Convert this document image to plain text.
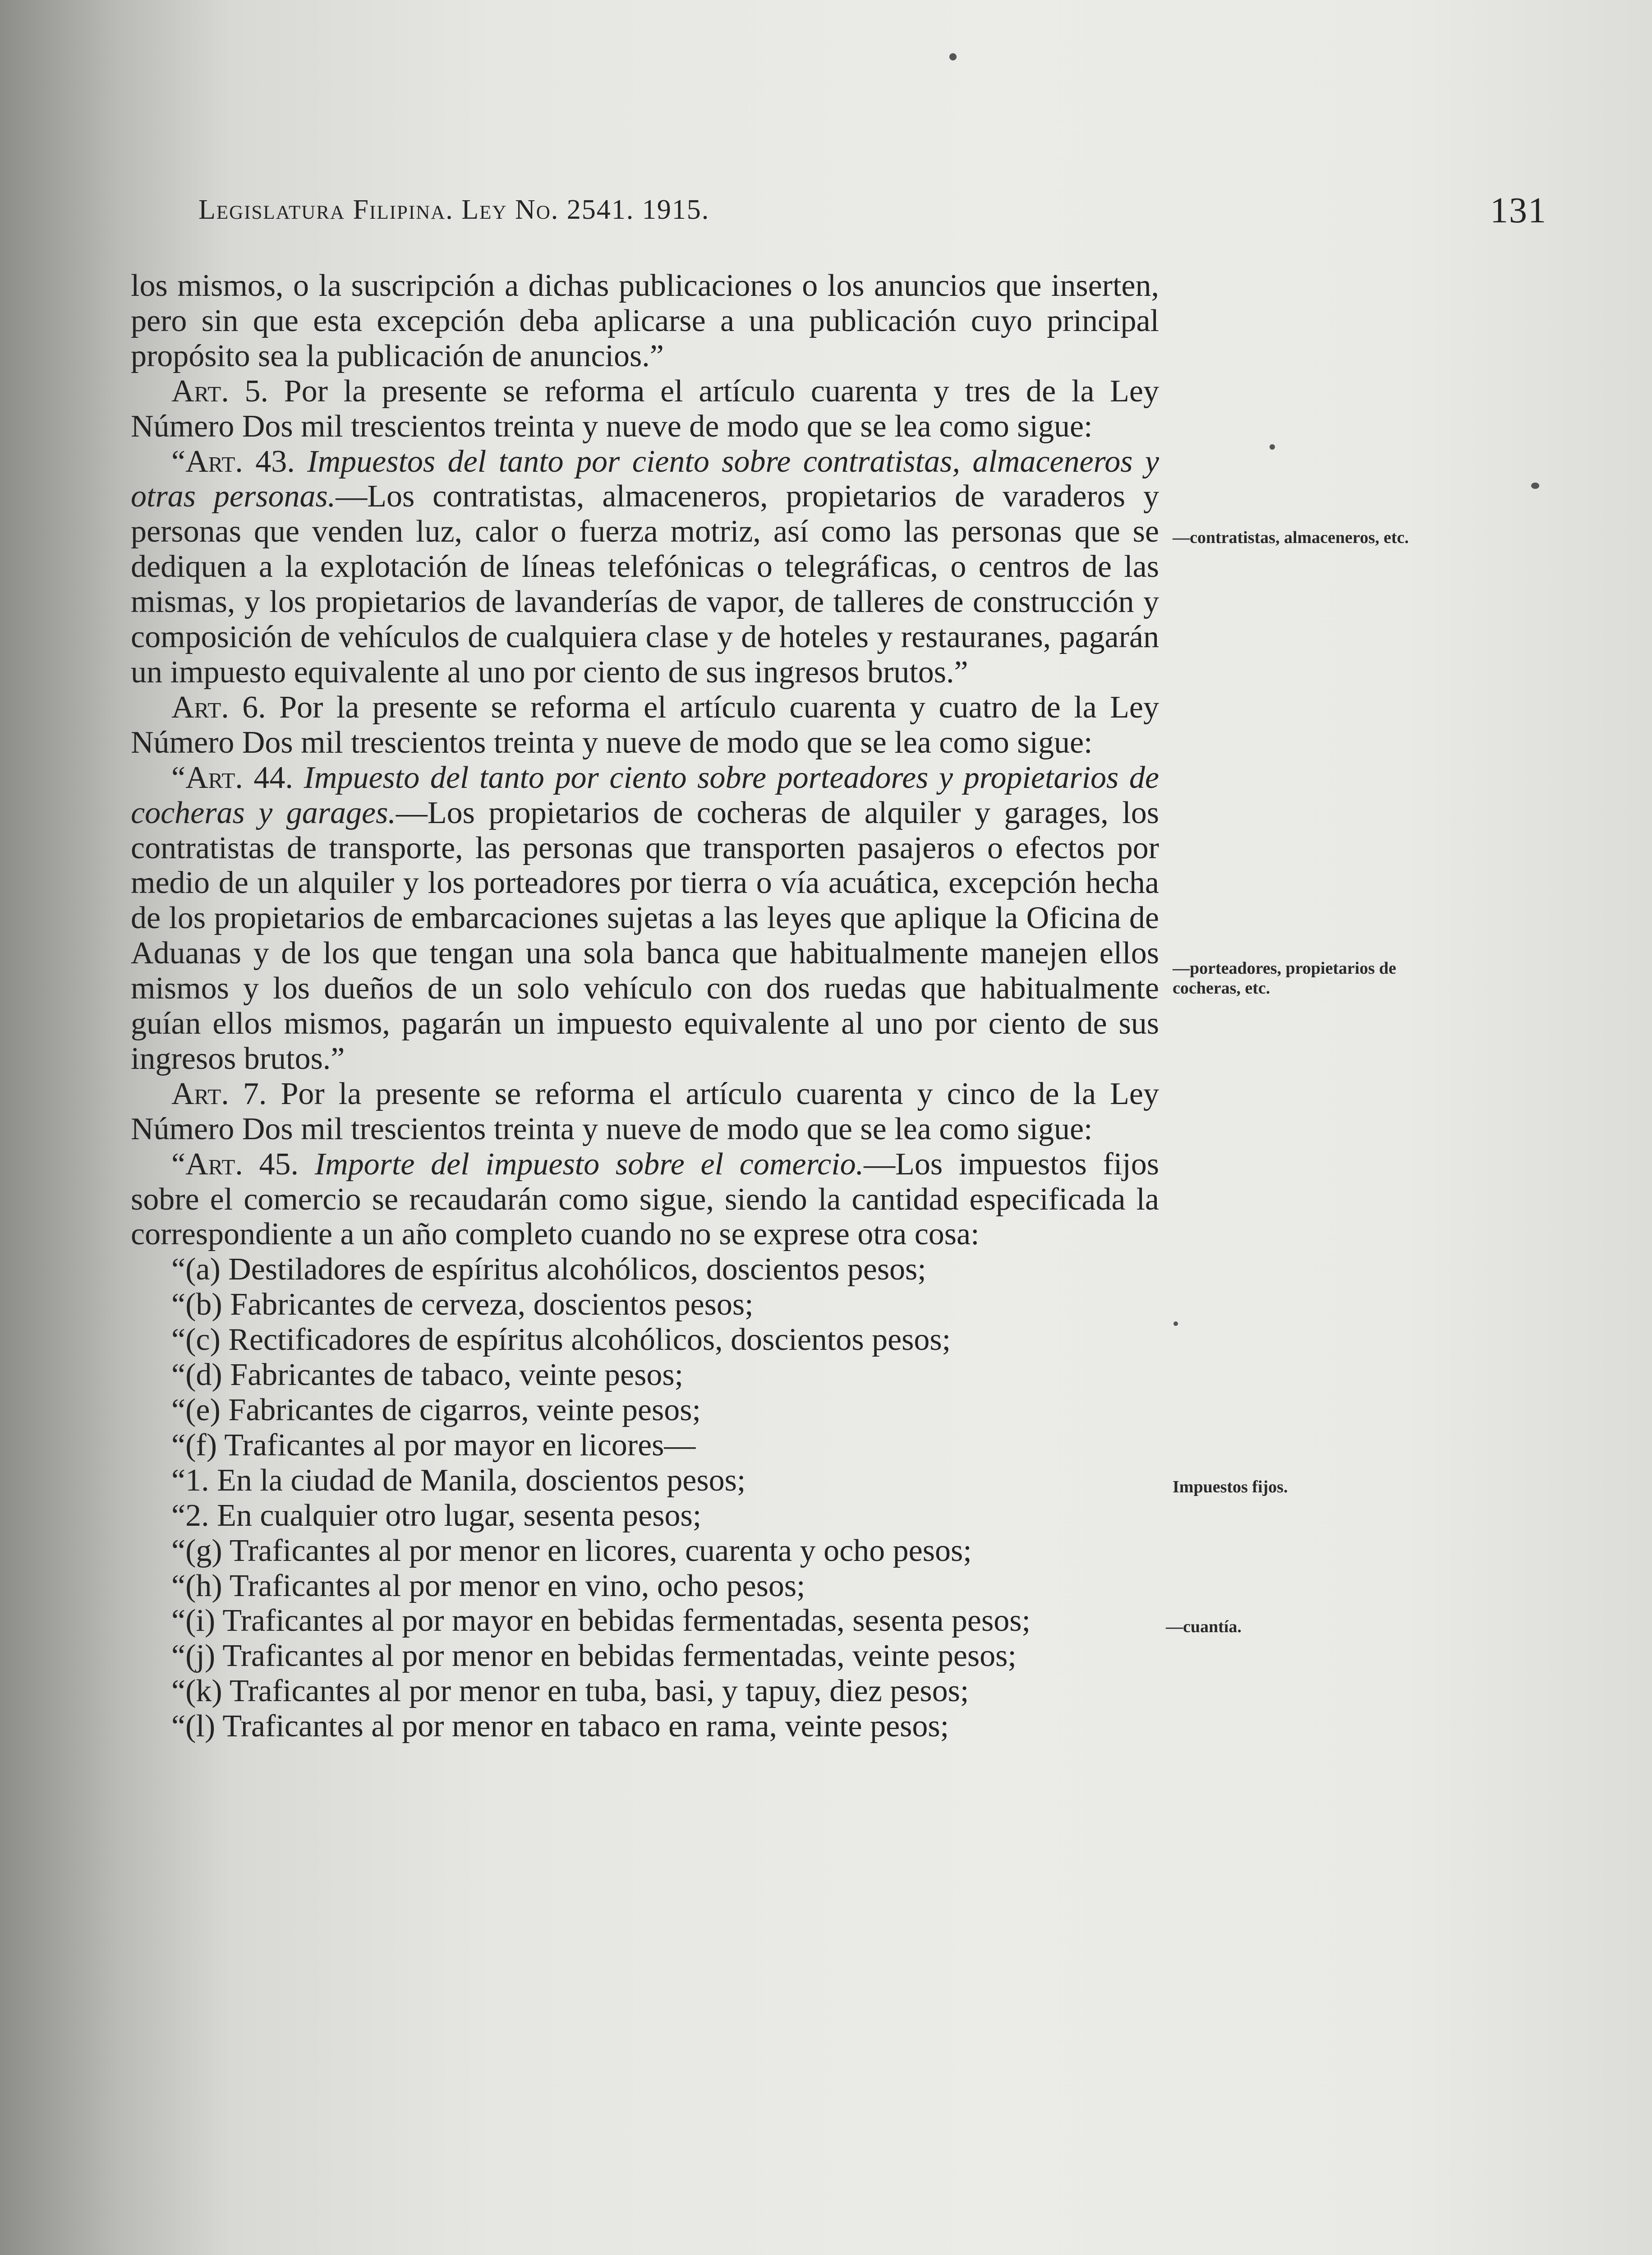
Legislatura Filipina. Ley No. 2541. 1915.	131

los mismos, o la suscripción a dichas publicaciones o los anuncios que inserten, pero sin que esta excepción deba aplicarse a una publicación cuyo principal propósito sea la publicación de anuncios.”

Art. 5. Por la presente se reforma el artículo cuarenta y tres de la Ley Número Dos mil trescientos treinta y nueve de modo que se lea como sigue:

“Art. 43. Impuestos del tanto por ciento sobre contratistas, almaceneros y otras personas.—Los contratistas, almaceneros, propietarios de varaderos y personas que venden luz, calor o fuerza motriz, así como las personas que se dediquen a la explotación de líneas telefónicas o telegráficas, o centros de las mismas, y los propietarios de lavanderías de vapor, de talleres de construcción y composición de vehículos de cualquiera clase y de hoteles y restauranes, pagarán un impuesto equivalente al uno por ciento de sus ingresos brutos.”

Art. 6. Por la presente se reforma el artículo cuarenta y cuatro de la Ley Número Dos mil trescientos treinta y nueve de modo que se lea como sigue:

“Art. 44. Impuesto del tanto por ciento sobre porteadores y propietarios de cocheras y garages.—Los propietarios de cocheras de alquiler y garages, los contratistas de transporte, las personas que transporten pasajeros o efectos por medio de un alquiler y los porteadores por tierra o vía acuática, excepción hecha de los propietarios de embarcaciones sujetas a las leyes que aplique la Oficina de Aduanas y de los que tengan una sola banca que habitualmente manejen ellos mismos y los dueños de un solo vehículo con dos ruedas que habitualmente guían ellos mismos, pagarán un impuesto equivalente al uno por ciento de sus ingresos brutos.”

Art. 7. Por la presente se reforma el artículo cuarenta y cinco de la Ley Número Dos mil trescientos treinta y nueve de modo que se lea como sigue:

“Art. 45. Importe del impuesto sobre el comercio.—Los impuestos fijos sobre el comercio se recaudarán como sigue, siendo la cantidad especificada la correspondiente a un año completo cuando no se exprese otra cosa:

“(a) Destiladores de espíritus alcohólicos, doscientos pesos;

“(b) Fabricantes de cerveza, doscientos pesos;

“(c) Rectificadores de espíritus alcohólicos, doscientos pesos;

“(d) Fabricantes de tabaco, veinte pesos;

“(e) Fabricantes de cigarros, veinte pesos;

“(f) Traficantes al por mayor en licores—

“1. En la ciudad de Manila, doscientos pesos;

“2. En cualquier otro lugar, sesenta pesos;

“(g) Traficantes al por menor en licores, cuarenta y ocho pesos;

“(h) Traficantes al por menor en vino, ocho pesos;

“(i) Traficantes al por mayor en bebidas fermentadas, sesenta pesos;

“(j) Traficantes al por menor en bebidas fermentadas, veinte pesos;

“(k) Traficantes al por menor en tuba, basi, y tapuy, diez pesos;

“(l) Traficantes al por menor en tabaco en rama, veinte pesos;

—contratistas, almaceneros, etc.
—porteadores, propietarios de cocheras, etc.
Impuestos fijos.
—cuantía.
